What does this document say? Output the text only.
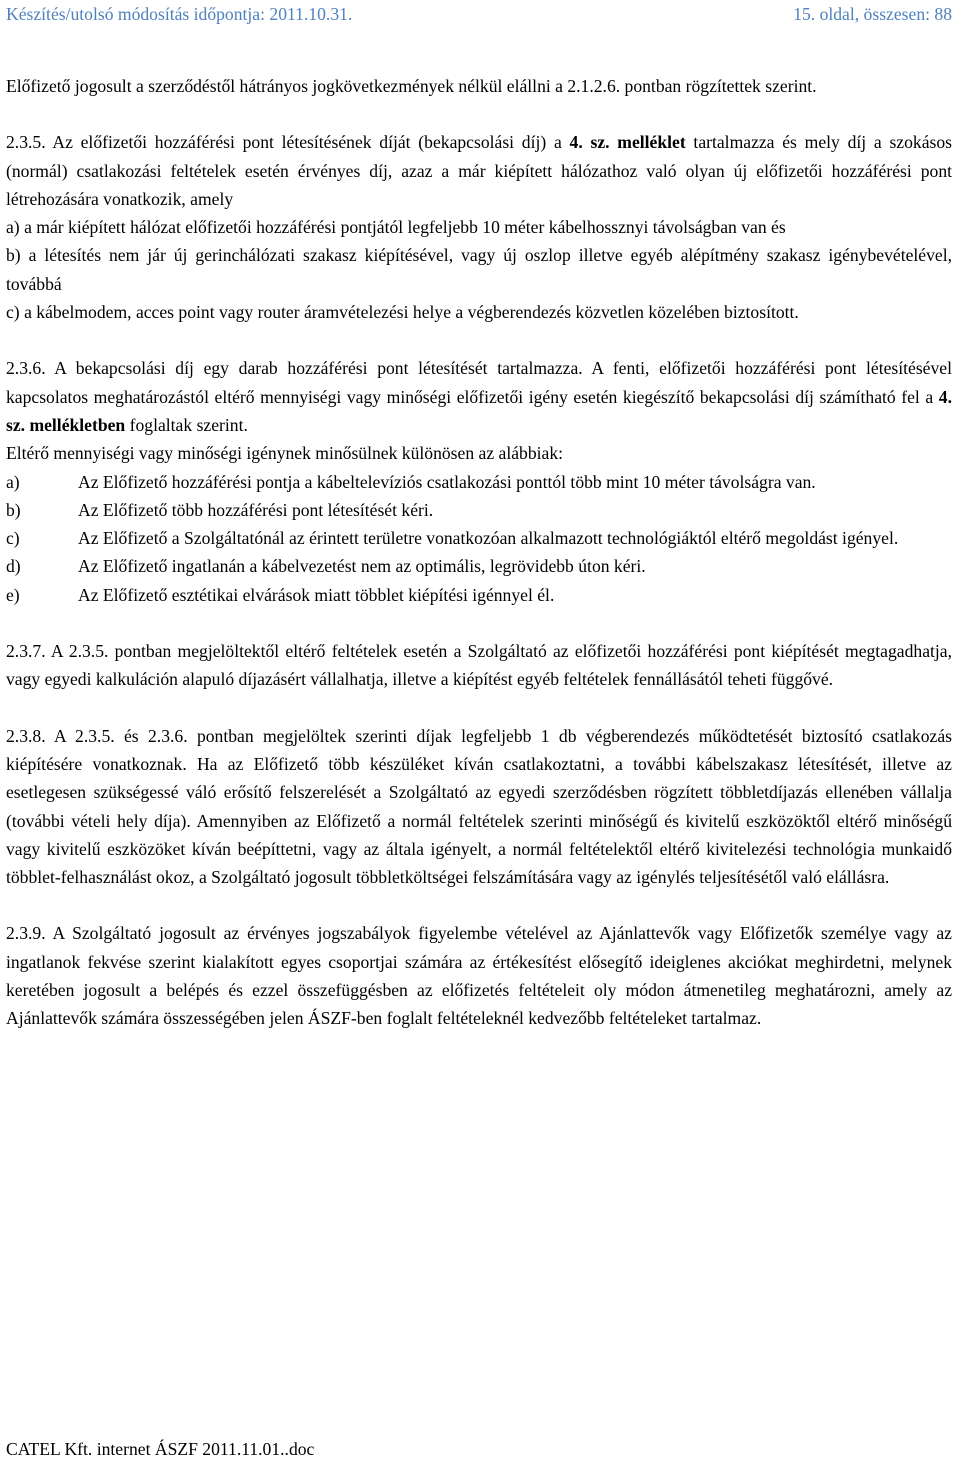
Készítés/utolsó módosítás időpontja: 2011.10.31.	15. oldal, összesen: 88

Előfizető jogosult a szerződéstől hátrányos jogkövetkezmények nélkül elállni a 2.1.2.6. pontban rögzítettek szerint.

2.3.5. Az előfizetői hozzáférési pont létesítésének díját (bekapcsolási díj) a 4. sz. melléklet tartalmazza és mely díj a szokásos (normál) csatlakozási feltételek esetén érvényes díj, azaz a már kiépített hálózathoz való olyan új előfizetői hozzáférési pont létrehozására vonatkozik, amely

a) a már kiépített hálózat előfizetői hozzáférési pontjától legfeljebb 10 méter kábelhossznyi távolságban van és

b) a létesítés nem jár új gerinchálózati szakasz kiépítésével, vagy új oszlop illetve egyéb alépítmény szakasz igénybevételével, továbbá

c) a kábelmodem, acces point vagy router áramvételezési helye a végberendezés közvetlen közelében biztosított.

2.3.6. A bekapcsolási díj egy darab hozzáférési pont létesítését tartalmazza. A fenti, előfizetői hozzáférési pont létesítésével kapcsolatos meghatározástól eltérő mennyiségi vagy minőségi előfizetői igény esetén kiegészítő bekapcsolási díj számítható fel a 4. sz. mellékletben foglaltak szerint.

Eltérő mennyiségi vagy minőségi igénynek minősülnek különösen az alábbiak:

a)	Az Előfizető hozzáférési pontja a kábeltelevíziós csatlakozási ponttól több mint 10 méter távolságra van.
b)	Az Előfizető több hozzáférési pont létesítését kéri.
c)	Az Előfizető a Szolgáltatónál az érintett területre vonatkozóan alkalmazott technológiáktól eltérő megoldást igényel.
d)	Az Előfizető ingatlanán a kábelvezetést nem az optimális, legrövidebb úton kéri.
e)	Az Előfizető esztétikai elvárások miatt többlet kiépítési igénnyel él.

2.3.7. A 2.3.5. pontban megjelöltektől eltérő feltételek esetén a Szolgáltató az előfizetői hozzáférési pont kiépítését megtagadhatja, vagy egyedi kalkuláción alapuló díjazásért vállalhatja, illetve a kiépítést egyéb feltételek fennállásától teheti függővé.

2.3.8. A 2.3.5. és 2.3.6. pontban megjelöltek szerinti díjak legfeljebb 1 db végberendezés működtetését biztosító csatlakozás kiépítésére vonatkoznak. Ha az Előfizető több készüléket kíván csatlakoztatni, a további kábelszakasz létesítését, illetve az esetlegesen szükségessé váló erősítő felszerelését a Szolgáltató az egyedi szerződésben rögzített többletdíjazás ellenében vállalja (további vételi hely díja). Amennyiben az Előfizető a normál feltételek szerinti minőségű és kivitelű eszközöktől eltérő minőségű vagy kivitelű eszközöket kíván beépíttetni, vagy az általa igényelt, a normál feltételektől eltérő kivitelezési technológia munkaidő többlet-felhasználást okoz, a Szolgáltató jogosult többletköltségei felszámítására vagy az igénylés teljesítésétől való elállásra.

2.3.9. A Szolgáltató jogosult az érvényes jogszabályok figyelembe vételével az Ajánlattevők vagy Előfizetők személye vagy az ingatlanok fekvése szerint kialakított egyes csoportjai számára az értékesítést elősegítő ideiglenes akciókat meghirdetni, melynek keretében jogosult a belépés és ezzel összefüggésben az előfizetés feltételeit oly módon átmenetileg meghatározni, amely az Ajánlattevők számára összességében jelen ÁSZF-ben foglalt feltételeknél kedvezőbb feltételeket tartalmaz.

CATEL Kft. internet ÁSZF 2011.11.01..doc
